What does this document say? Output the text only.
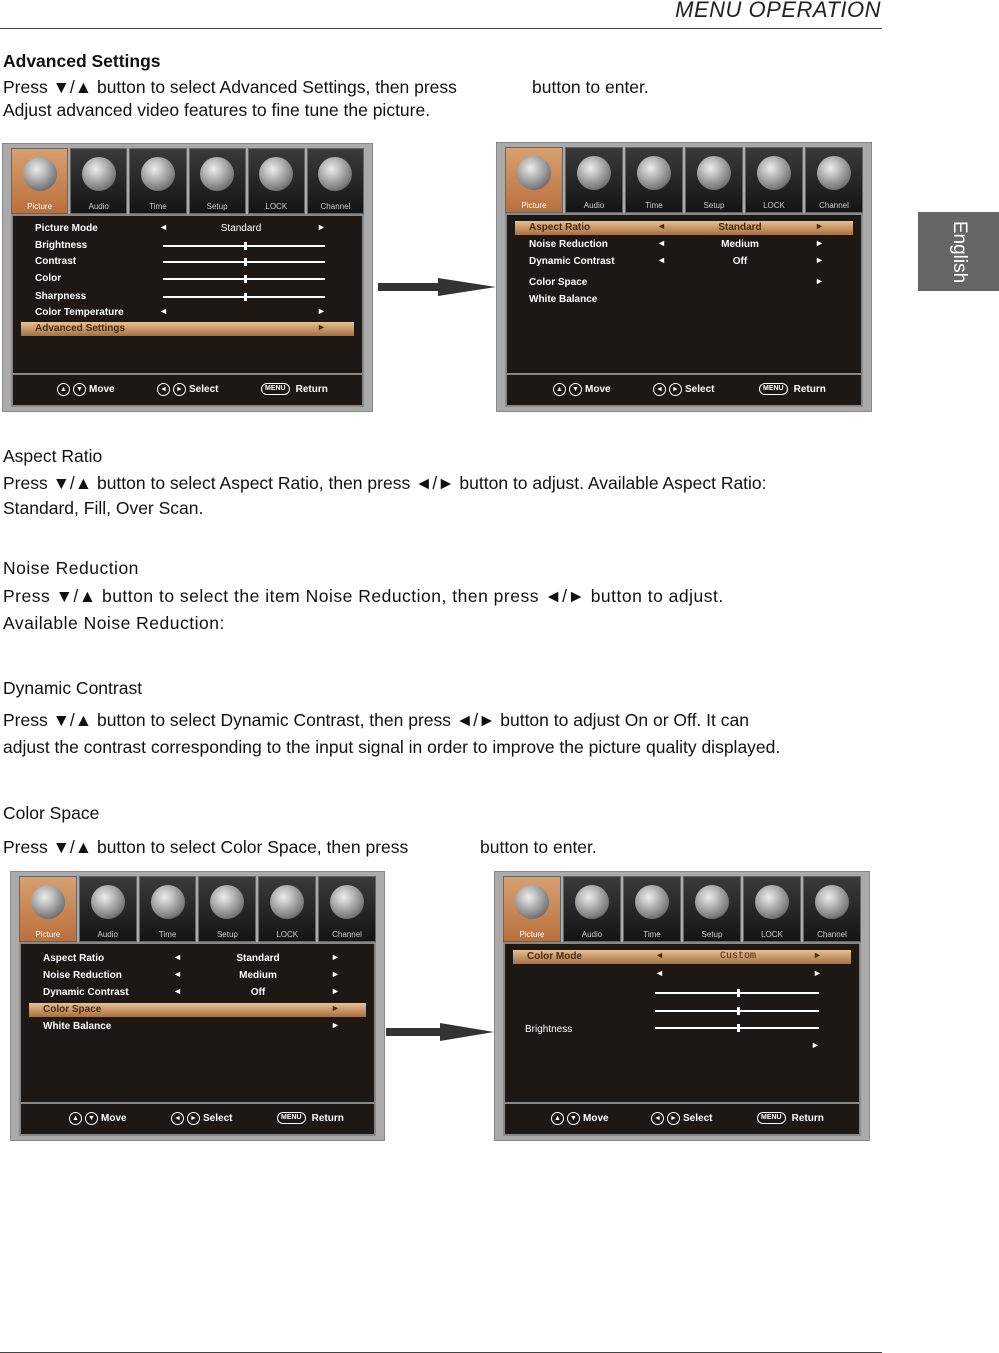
MENU OPERATION
English
Advanced Settings
Press ▼/▲ button to select Advanced Settings, then press	button to enter.
Adjust advanced video features to fine tune the picture.
Picture	Audio	Time	Setup	LOCK	Channel
Picture Mode	◄	Standard	►
Brightness
Contrast
Color
Sharpness
Color Temperature	◄	►
Advanced Settings	►
▲	▼ Move	◄	► Select	MENU	Return
Picture	Audio	Time	Setup	LOCK	Channel
Aspect Ratio	◄	Standard	►
Noise Reduction	◄	Medium	►
Dynamic Contrast	◄	Off	►
Color Space	►
White Balance
▲	▼ Move	◄	► Select	MENU	Return
Aspect Ratio
Press ▼/▲ button to select Aspect Ratio, then press ◄/► button to adjust. Available Aspect Ratio:
Standard, Fill, Over Scan.
Noise Reduction
Press ▼/▲ button to select the item Noise Reduction, then press ◄/► button to adjust.
Available Noise Reduction:
Dynamic Contrast
Press ▼/▲ button to select Dynamic Contrast, then press ◄/► button to adjust On or Off. It can
adjust the contrast corresponding to the input signal in order to improve the picture quality displayed.
Color Space
Press ▼/▲ button to select Color Space, then press	button to enter.
Picture	Audio	Time	Setup	LOCK	Channel
Aspect Ratio	◄	Standard	►
Noise Reduction	◄	Medium	►
Dynamic Contrast	◄	Off	►
Color Space	►
White Balance	►
▲	▼ Move	◄	► Select	MENU	Return
Picture	Audio	Time	Setup	LOCK	Channel
Color Mode	◄	Custom	►
◄	►
Brightness
►
▲	▼ Move	◄	► Select	MENU	Return
